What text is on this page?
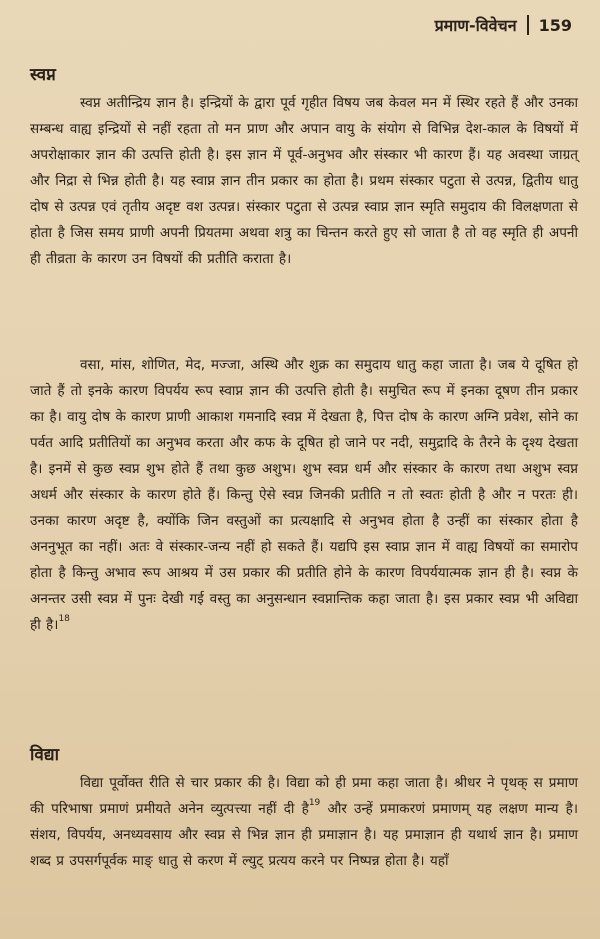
प्रमाण-विवेचन 159
स्वप्न

स्वप्न अतीन्द्रिय ज्ञान है। इन्द्रियों के द्वारा पूर्व गृहीत विषय जब केवल मन में स्थिर रहते हैं और उनका सम्बन्ध वाह्य इन्द्रियों से नहीं रहता तो मन प्राण और अपान वायु के संयोग से विभिन्न देश-काल के विषयों में अपरोक्षाकार ज्ञान की उत्पत्ति होती है। इस ज्ञान में पूर्व-अनुभव और संस्कार भी कारण हैं। यह अवस्था जाग्रत् और निद्रा से भिन्न होती है। यह स्वाप्न ज्ञान तीन प्रकार का होता है। प्रथम संस्कार पटुता से उत्पन्न, द्वितीय धातु दोष से उत्पन्न एवं तृतीय अदृष्ट वश उत्पन्न। संस्कार पटुता से उत्पन्न स्वाप्न ज्ञान स्मृति समुदाय की विलक्षणता से होता है जिस समय प्राणी अपनी प्रियतमा अथवा शत्रु का चिन्तन करते हुए सो जाता है तो वह स्मृति ही अपनी ही तीव्रता के कारण उन विषयों की प्रतीति कराता है।

वसा, मांस, शोणित, मेद, मज्जा, अस्थि और शुक्र का समुदाय धातु कहा जाता है। जब ये दूषित हो जाते हैं तो इनके कारण विपर्यय रूप स्वाप्न ज्ञान की उत्पत्ति होती है। समुचित रूप में इनका दूषण तीन प्रकार का है। वायु दोष के कारण प्राणी आकाश गमनादि स्वप्न में देखता है, पित्त दोष के कारण अग्नि प्रवेश, सोने का पर्वत आदि प्रतीतियों का अनुभव करता और कफ के दूषित हो जाने पर नदी, समुद्रादि के तैरने के दृश्य देखता है। इनमें से कुछ स्वप्न शुभ होते हैं तथा कुछ अशुभ। शुभ स्वप्न धर्म और संस्कार के कारण तथा अशुभ स्वप्न अधर्म और संस्कार के कारण होते हैं। किन्तु ऐसे स्वप्न जिनकी प्रतीति न तो स्वतः होती है और न परतः ही। उनका कारण अदृष्ट है, क्योंकि जिन वस्तुओं का प्रत्यक्षादि से अनुभव होता है उन्हीं का संस्कार होता है अननुभूत का नहीं। अतः वे संस्कार-जन्य नहीं हो सकते हैं। यद्यपि इस स्वाप्न ज्ञान में वाह्य विषयों का समारोप होता है किन्तु अभाव रूप आश्रय में उस प्रकार की प्रतीति होने के कारण विपर्ययात्मक ज्ञान ही है। स्वप्न के अनन्तर उसी स्वप्न में पुनः देखी गई वस्तु का अनुसन्धान स्वप्नान्तिक कहा जाता है। इस प्रकार स्वप्न भी अविद्या ही है।$^{18}$

विद्या

विद्या पूर्वोक्त रीति से चार प्रकार की है। विद्या को ही प्रमा कहा जाता है। श्रीधर ने पृथक् स प्रमाण की परिभाषा प्रमाणं प्रमीयते अनेन व्युत्पत्त्या नहीं दी है$^{19}$ और उन्हें प्रमाकरणं प्रमाणम् यह लक्षण मान्य है। संशय, विपर्यय, अनध्यवसाय और स्वप्न से भिन्न ज्ञान ही प्रमाज्ञान है। यह प्रमाज्ञान ही यथार्थ ज्ञान है। प्रमाण शब्द प्र उपसर्गपूर्वक माङ् धातु से करण में ल्युट् प्रत्यय करने पर निष्पन्न होता है। यहाँ
